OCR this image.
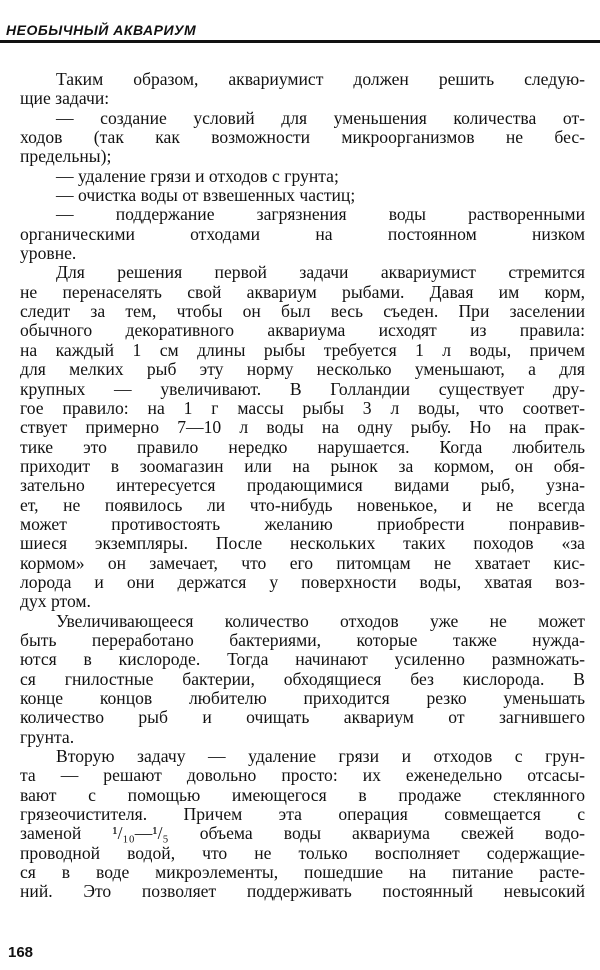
НЕОБЫЧНЫЙ АКВАРИУМ
Таким образом, аквариумист должен решить следую-
щие задачи:
— создание условий для уменьшения количества от-
ходов (так как возможности микроорганизмов не бес-
предельны);
— удаление грязи и отходов с грунта;
— очистка воды от взвешенных частиц;
— поддержание загрязнения воды растворенными
органическими отходами на постоянном низком
уровне.
Для решения первой задачи аквариумист стремится
не перенаселять свой аквариум рыбами. Давая им корм,
следит за тем, чтобы он был весь съеден. При заселении
обычного декоративного аквариума исходят из правила:
на каждый 1 см длины рыбы требуется 1 л воды, причем
для мелких рыб эту норму несколько уменьшают, а для
крупных — увеличивают. В Голландии существует дру-
гое правило: на 1 г массы рыбы 3 л воды, что соответ-
ствует примерно 7—10 л воды на одну рыбу. Но на прак-
тике это правило нередко нарушается. Когда любитель
приходит в зоомагазин или на рынок за кормом, он обя-
зательно интересуется продающимися видами рыб, узна-
ет, не появилось ли что-нибудь новенькое, и не всегда
может противостоять желанию приобрести понравив-
шиеся экземпляры. После нескольких таких походов «за
кормом» он замечает, что его питомцам не хватает кис-
лорода и они держатся у поверхности воды, хватая воз-
дух ртом.
Увеличивающееся количество отходов уже не может
быть переработано бактериями, которые также нужда-
ются в кислороде. Тогда начинают усиленно размножать-
ся гнилостные бактерии, обходящиеся без кислорода. В
конце концов любителю приходится резко уменьшать
количество рыб и очищать аквариум от загнившего
грунта.
Вторую задачу — удаление грязи и отходов с грун-
та — решают довольно просто: их еженедельно отсасы-
вают с помощью имеющегося в продаже стеклянного
грязеочистителя. Причем эта операция совмещается с
заменой ¹/₁₀—¹/₅ объема воды аквариума свежей водо-
проводной водой, что не только восполняет содержащие-
ся в воде микроэлементы, пошедшие на питание расте-
ний. Это позволяет поддерживать постоянный невысокий
168
